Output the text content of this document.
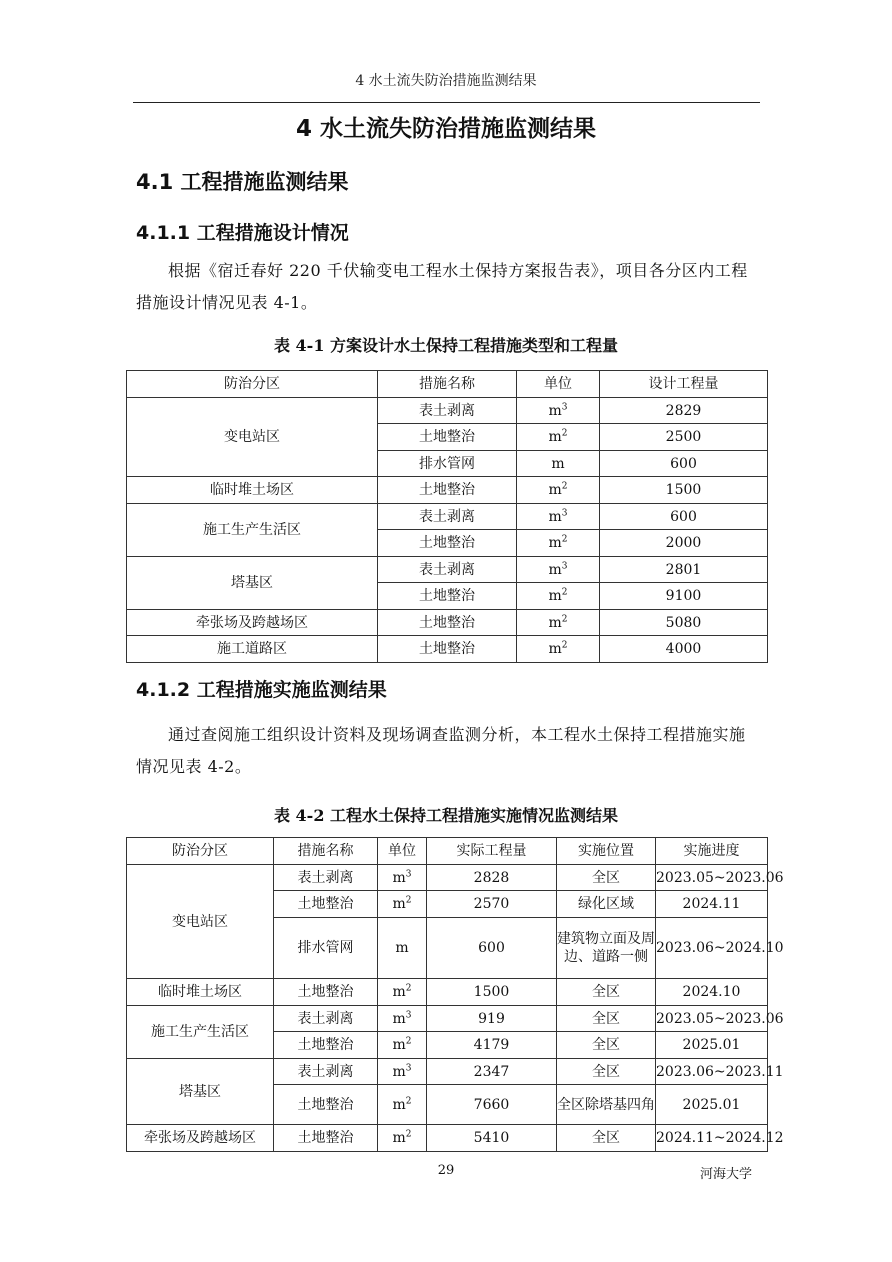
4 水土流失防治措施监测结果
4 水土流失防治措施监测结果
4.1 工程措施监测结果
4.1.1 工程措施设计情况
根据《宿迁春好 220 千伏输变电工程水土保持方案报告表》，项目各分区内工程措施设计情况见表 4-1。
表 4-1 方案设计水土保持工程措施类型和工程量
防治分区	措施名称	单位	设计工程量
变电站区	表土剥离	$m^3$	2829
	土地整治	$m^2$	2500
	排水管网	m	600
临时堆土场区	土地整治	$m^2$	1500
施工生产生活区	表土剥离	$m^3$	600
	土地整治	$m^2$	2000
塔基区	表土剥离	$m^3$	2801
	土地整治	$m^2$	9100
牵张场及跨越场区	土地整治	$m^2$	5080
施工道路区	土地整治	$m^2$	4000
4.1.2 工程措施实施监测结果
通过查阅施工组织设计资料及现场调查监测分析，本工程水土保持工程措施实施情况见表 4-2。
表 4-2 工程水土保持工程措施实施情况监测结果
防治分区	措施名称	单位	实际工程量	实施位置	实施进度
变电站区	表土剥离	$m^3$	2828	全区	2023.05~2023.06
	土地整治	$m^2$	2570	绿化区域	2024.11
	排水管网	m	600	建筑物立面及周边、道路一侧	2023.06~2024.10
临时堆土场区	土地整治	$m^2$	1500	全区	2024.10
施工生产生活区	表土剥离	$m^3$	919	全区	2023.05~2023.06
	土地整治	$m^2$	4179	全区	2025.01
塔基区	表土剥离	$m^3$	2347	全区	2023.06~2023.11
	土地整治	$m^2$	7660	全区除塔基四角	2025.01
牵张场及跨越场区	土地整治	$m^2$	5410	全区	2024.11~2024.12
29	河海大学
